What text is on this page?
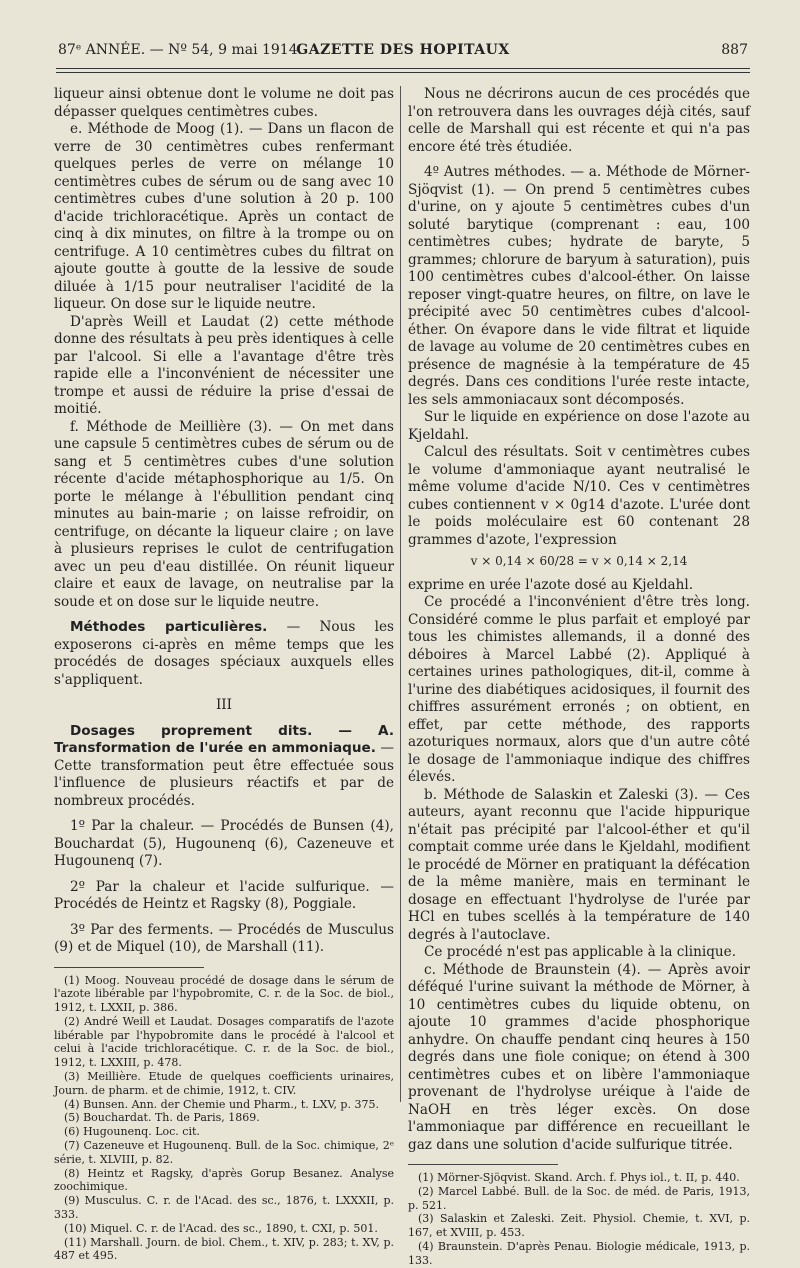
GAZETTE DES HOPITAUX
87ᵉ ANNÉE. — Nº 54, 9 mai 1914.	887

liqueur ainsi obtenue dont le volume ne doit pas dépasser quelques centimètres cubes.

e. Méthode de Moog (1). — Dans un flacon de verre de 30 centimètres cubes renfermant quelques perles de verre on mélange 10 centimètres cubes de sérum ou de sang avec 10 centimètres cubes d'une solution à 20 p. 100 d'acide trichloracétique. Après un contact de cinq à dix minutes, on filtre à la trompe ou on centrifuge. A 10 centimètres cubes du filtrat on ajoute goutte à goutte de la lessive de soude diluée à 1/15 pour neutraliser l'acidité de la liqueur. On dose sur le liquide neutre.

D'après Weill et Laudat (2) cette méthode donne des résultats à peu près identiques à celle par l'alcool. Si elle a l'avantage d'être très rapide elle a l'inconvénient de nécessiter une trompe et aussi de réduire la prise d'essai de moitié.

f. Méthode de Meillière (3). — On met dans une capsule 5 centimètres cubes de sérum ou de sang et 5 centimètres cubes d'une solution récente d'acide métaphosphorique au 1/5. On porte le mélange à l'ébullition pendant cinq minutes au bain-marie ; on laisse refroidir, on centrifuge, on décante la liqueur claire ; on lave à plusieurs reprises le culot de centrifugation avec un peu d'eau distillée. On réunit liqueur claire et eaux de lavage, on neutralise par la soude et on dose sur le liquide neutre.

Méthodes particulières. — Nous les exposerons ci-après en même temps que les procédés de dosages spéciaux auxquels elles s'appliquent.

III

Dosages proprement dits. — A. Transformation de l'urée en ammoniaque. — Cette transformation peut être effectuée sous l'influence de plusieurs réactifs et par de nombreux procédés.

1º Par la chaleur. — Procédés de Bunsen (4), Bouchardat (5), Hugounenq (6), Cazeneuve et Hugounenq (7).

2º Par la chaleur et l'acide sulfurique. — Procédés de Heintz et Ragsky (8), Poggiale.

3º Par des ferments. — Procédés de Musculus (9) et de Miquel (10), de Marshall (11).

(1) Moog. Nouveau procédé de dosage dans le sérum de l'azote libérable par l'hypobromite, C. r. de la Soc. de biol., 1912, t. LXXII, p. 386.

(2) André Weill et Laudat. Dosages comparatifs de l'azote libérable par l'hypobromite dans le procédé à l'alcool et celui à l'acide trichloracétique. C. r. de la Soc. de biol., 1912, t. LXXIII, p. 478.

(3) Meillière. Etude de quelques coefficients urinaires, Journ. de pharm. et de chimie, 1912, t. CIV.

(4) Bunsen. Ann. der Chemie und Pharm., t. LXV, p. 375.

(5) Bouchardat. Th. de Paris, 1869.

(6) Hugounenq. Loc. cit.

(7) Cazeneuve et Hugounenq. Bull. de la Soc. chimique, 2ᵉ série, t. XLVIII, p. 82.

(8) Heintz et Ragsky, d'après Gorup Besanez. Analyse zoochimique.

(9) Musculus. C. r. de l'Acad. des sc., 1876, t. LXXXII, p. 333.

(10) Miquel. C. r. de l'Acad. des sc., 1890, t. CXI, p. 501.

(11) Marshall. Journ. de biol. Chem., t. XIV, p. 283; t. XV, p. 487 et 495.

Nous ne décrirons aucun de ces procédés que l'on retrouvera dans les ouvrages déjà cités, sauf celle de Marshall qui est récente et qui n'a pas encore été très étudiée.

4º Autres méthodes. — a. Méthode de Mörner-Sjöqvist (1). — On prend 5 centimètres cubes d'urine, on y ajoute 5 centimètres cubes d'un soluté barytique (comprenant : eau, 100 centimètres cubes; hydrate de baryte, 5 grammes; chlorure de baryum à saturation), puis 100 centimètres cubes d'alcool-éther. On laisse reposer vingt-quatre heures, on filtre, on lave le précipité avec 50 centimètres cubes d'alcool-éther. On évapore dans le vide filtrat et liquide de lavage au volume de 20 centimètres cubes en présence de magnésie à la température de 45 degrés. Dans ces conditions l'urée reste intacte, les sels ammoniacaux sont décomposés.

Sur le liquide en expérience on dose l'azote au Kjeldahl.

Calcul des résultats. Soit v centimètres cubes le volume d'ammoniaque ayant neutralisé le même volume d'acide N/10. Ces v centimètres cubes contiennent v × 0g14 d'azote. L'urée dont le poids moléculaire est 60 contenant 28 grammes d'azote, l'expression

v × 0,14 × 60/28 = v × 0,14 × 2,14

exprime en urée l'azote dosé au Kjeldahl.

Ce procédé a l'inconvénient d'être très long. Considéré comme le plus parfait et employé par tous les chimistes allemands, il a donné des déboires à Marcel Labbé (2). Appliqué à certaines urines pathologiques, dit-il, comme à l'urine des diabétiques acidosiques, il fournit des chiffres assurément erronés ; on obtient, en effet, par cette méthode, des rapports azoturiques normaux, alors que d'un autre côté le dosage de l'ammoniaque indique des chiffres élevés.

b. Méthode de Salaskin et Zaleski (3). — Ces auteurs, ayant reconnu que l'acide hippurique n'était pas précipité par l'alcool-éther et qu'il comptait comme urée dans le Kjeldahl, modifient le procédé de Mörner en pratiquant la défécation de la même manière, mais en terminant le dosage en effectuant l'hydrolyse de l'urée par HCl en tubes scellés à la température de 140 degrés à l'autoclave.

Ce procédé n'est pas applicable à la clinique.

c. Méthode de Braunstein (4). — Après avoir déféqué l'urine suivant la méthode de Mörner, à 10 centimètres cubes du liquide obtenu, on ajoute 10 grammes d'acide phosphorique anhydre. On chauffe pendant cinq heures à 150 degrés dans une fiole conique; on étend à 300 centimètres cubes et on libère l'ammoniaque provenant de l'hydrolyse uréique à l'aide de NaOH en très léger excès. On dose l'ammoniaque par différence en recueillant le gaz dans une solution d'acide sulfurique titrée.

(1) Mörner-Sjöqvist. Skand. Arch. f. Phys iol., t. II, p. 440.

(2) Marcel Labbé. Bull. de la Soc. de méd. de Paris, 1913, p. 521.

(3) Salaskin et Zaleski. Zeit. Physiol. Chemie, t. XVI, p. 167, et XVIII, p. 453.

(4) Braunstein. D'après Penau. Biologie médicale, 1913, p. 133.
